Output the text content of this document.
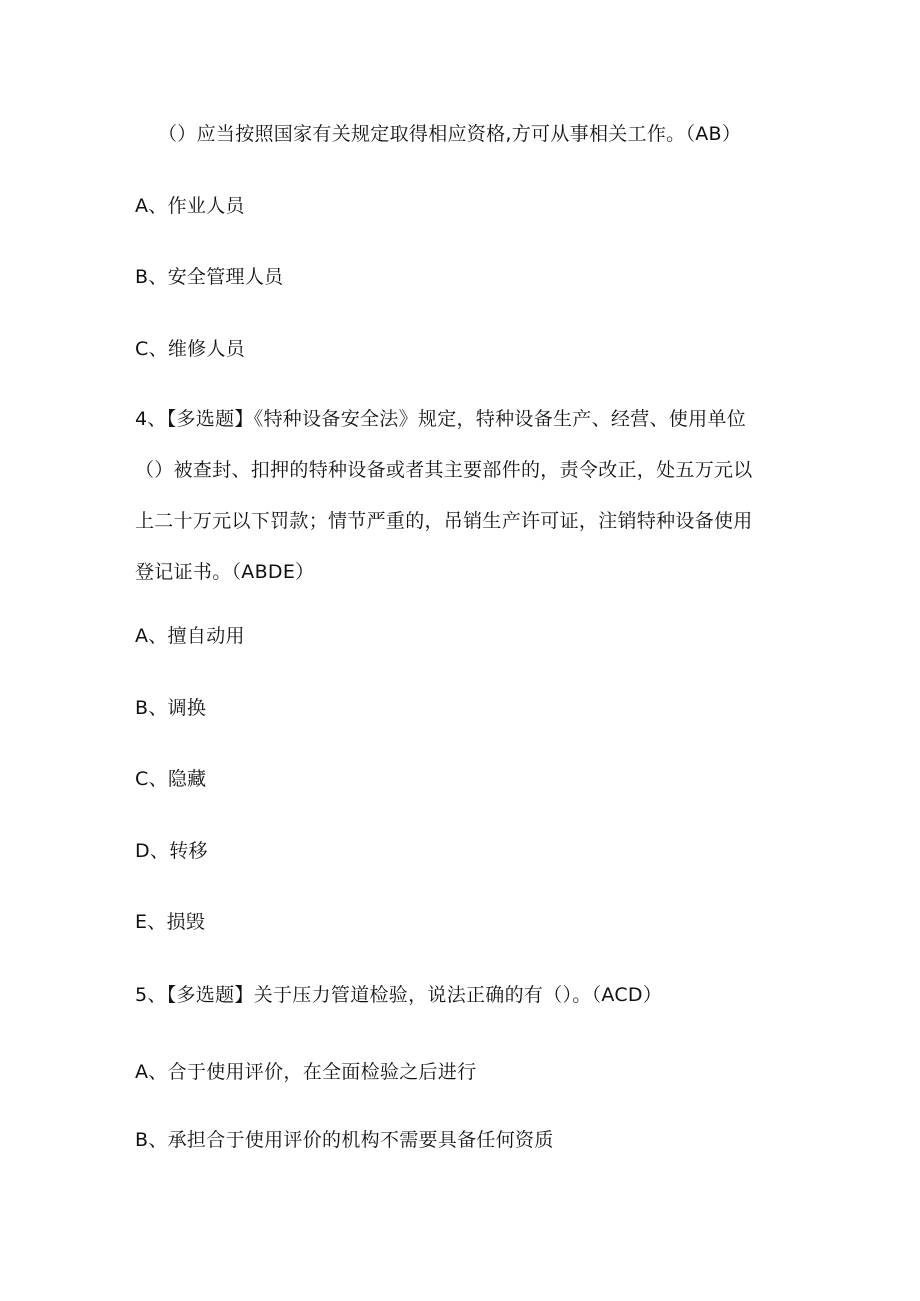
（）应当按照国家有关规定取得相应资格,方可从事相关工作。（AB）
A、作业人员
B、安全管理人员
C、维修人员
4、【多选题】《特种设备安全法》规定，特种设备生产、经营、使用单位
（）被查封、扣押的特种设备或者其主要部件的，责令改正，处五万元以
上二十万元以下罚款；情节严重的，吊销生产许可证，注销特种设备使用
登记证书。（ABDE）
A、擅自动用
B、调换
C、隐藏
D、转移
E、损毁
5、【多选题】关于压力管道检验，说法正确的有（）。（ACD）
A、合于使用评价，在全面检验之后进行
B、承担合于使用评价的机构不需要具备任何资质
